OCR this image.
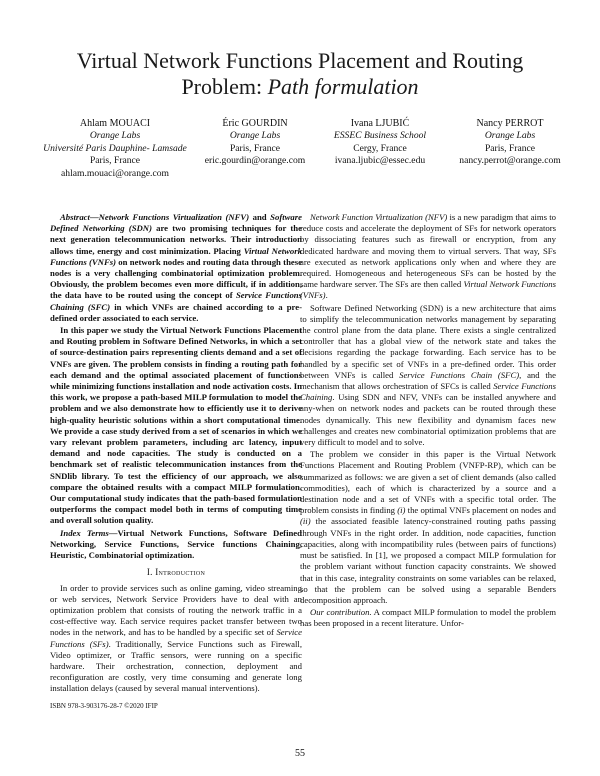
Virtual Network Functions Placement and Routing
Problem: Path formulation
Ahlam MOUACI
Orange Labs
Université Paris Dauphine- Lamsade
Paris, France
ahlam.mouaci@orange.com
Éric GOURDIN
Orange Labs
Paris, France
eric.gourdin@orange.com
Ivana LJUBIĆ
ESSEC Business School
Cergy, France
ivana.ljubic@essec.edu
Nancy PERROT
Orange Labs
Paris, France
nancy.perrot@orange.com

Abstract—Network Functions Virtualization (NFV) and Software Defined Networking (SDN) are two promising techniques for the next generation telecommunication networks. Their introduction allows time, energy and cost minimization. Placing Virtual Network Functions (VNFs) on network nodes and routing data through these nodes is a very challenging combinatorial optimization problem. Obviously, the problem becomes even more difficult, if in addition, the data have to be routed using the concept of Service Functions Chaining (SFC) in which VNFs are chained according to a pre-defined order associated to each service.

In this paper we study the Virtual Network Functions Placement and Routing problem in Software Defined Networks, in which a set of source-destination pairs representing clients demand and a set of VNFs are given. The problem consists in finding a routing path for each demand and the optimal associated placement of functions while minimizing functions installation and node activation costs. In this work, we propose a path-based MILP formulation to model the problem and we also demonstrate how to efficiently use it to derive high-quality heuristic solutions within a short computational time. We provide a case study derived from a set of scenarios in which we vary relevant problem parameters, including arc latency, input demand and node capacities. The study is conducted on a benchmark set of realistic telecommunication instances from the SNDlib library. To test the efficiency of our approach, we also compare the obtained results with a compact MILP formulation. Our computational study indicates that the path-based formulation outperforms the compact model both in terms of computing time and overall solution quality.

Index Terms—Virtual Network Functions, Software Defined Networking, Service Functions, Service functions Chaining, Heuristic, Combinatorial optimization.

I. Introduction

In order to provide services such as online gaming, video streaming or web services, Network Service Providers have to deal with an optimization problem that consists of routing the network traffic in a cost-effective way. Each service requires packet transfer between two nodes in the network, and has to be handled by a specific set of Service Functions (SFs). Traditionally, Service Functions such as Firewall, Video optimizer, or Traffic sensors, were running on a specific hardware. Their orchestration, connection, deployment and reconfiguration are costly, very time consuming and generate long installation delays (caused by several manual interventions).

ISBN 978-3-903176-28-7 ©2020 IFIP

Network Function Virtualization (NFV) is a new paradigm that aims to reduce costs and accelerate the deployment of SFs for network operators by dissociating features such as firewall or encryption, from any dedicated hardware and moving them to virtual servers. That way, SFs are executed as network applications only when and where they are required. Homogeneous and heterogeneous SFs can be hosted by the same hardware server. The SFs are then called Virtual Network Functions (VNFs).

Software Defined Networking (SDN) is a new architecture that aims to simplify the telecommunication networks management by separating the control plane from the data plane. There exists a single centralized controller that has a global view of the network state and takes the decisions regarding the package forwarding. Each service has to be handled by a specific set of VNFs in a pre-defined order. This order between VNFs is called Service Functions Chain (SFC), and the mechanism that allows orchestration of SFCs is called Service Functions Chaining. Using SDN and NFV, VNFs can be installed anywhere and any-when on network nodes and packets can be routed through these nodes dynamically. This new flexibility and dynamism faces new challenges and creates new combinatorial optimization problems that are very difficult to model and to solve.

The problem we consider in this paper is the Virtual Network Functions Placement and Routing Problem (VNFP-RP), which can be summarized as follows: we are given a set of client demands (also called commodities), each of which is characterized by a source and a destination node and a set of VNFs with a specific total order. The problem consists in finding (i) the optimal VNFs placement on nodes and (ii) the associated feasible latency-constrained routing paths passing through VNFs in the right order. In addition, node capacities, function capacities, along with incompatibility rules (between pairs of functions) must be satisfied. In [1], we proposed a compact MILP formulation for the problem variant without function capacity constraints. We showed that in this case, integrality constraints on some variables can be relaxed, so that the problem can be solved using a separable Benders decomposition approach.

Our contribution. A compact MILP formulation to model the problem has been proposed in a recent literature. Unfor-

55
